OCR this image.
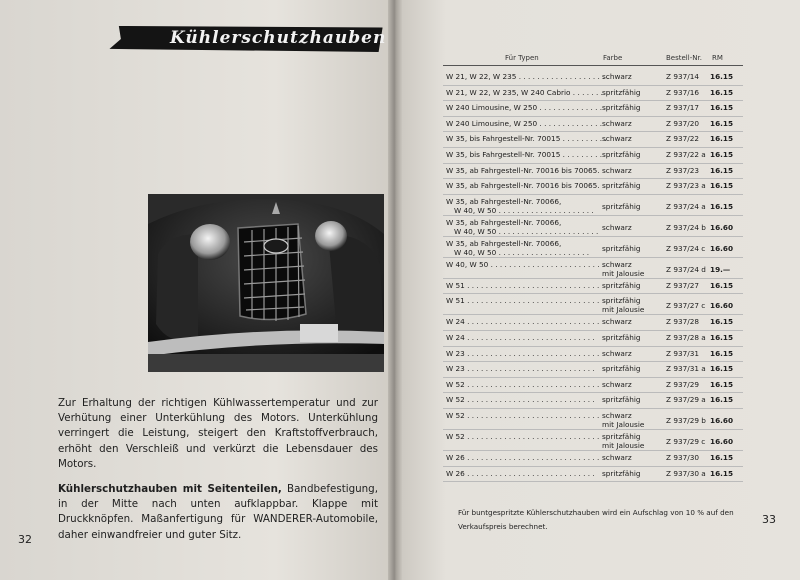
Kühlerschutzhauben

Zur Erhaltung der richtigen Kühlwassertemperatur und zur Verhütung einer Unterkühlung des Motors. Unterkühlung verringert die Leistung, steigert den Kraftstoffverbrauch, erhöht den Verschleiß und verkürzt die Lebensdauer des Motors.

Kühlerschutzhauben mit Seitenteilen, Bandbefestigung, in der Mitte nach unten aufklappbar. Klappe mit Druckknöpfen. Maßanfertigung für WANDERER-Automobile, daher einwandfreier und guter Sitz.

32
Für Typen	Farbe	Bestell-Nr. RM
W 21, W 22, W 235 . . . . . . . . . . . . . . . . . . . .
schwarz	Z 937/14 16.15
W 21, W 22, W 235, W 240 Cabrio . . . . . . . spritzfähig	Z 937/16 16.15
W 240 Limousine, W 250 . . . . . . . . . . . . . . spritzfähig	Z 937/17 16.15
W 240 Limousine, W 250 . . . . . . . . . . . . . . schwarz	Z 937/20 16.15
W 35, bis Fahrgestell-Nr. 70015 . . . . . . . . . .
schwarz	Z 937/22 16.15
W 35, bis Fahrgestell-Nr. 70015 . . . . . . . . . spritzfähig	Z 937/22 a 16.15
W 35, ab Fahrgestell-Nr. 70016 bis 70065. schwarz	Z 937/23 16.15
W 35, ab Fahrgestell-Nr. 70016 bis 70065. spritzfähig	Z 937/23 a 16.15
W 35, ab Fahrgestell-Nr. 70066,
W 40, W 50 . . . . . . . . . . . . . . . . . . . . . spritzfähig	Z 937/24 a 16.15
W 35, ab Fahrgestell-Nr. 70066,
W 40, W 50 . . . . . . . . . . . . . . . . . . . . . . schwarz	Z 937/24 b 16.60
W 35, ab Fahrgestell-Nr. 70066,
W 40, W 50 . . . . . . . . . . . . . . . . . . . . spritzfähig	Z 937/24 c 16.60
W 40, W 50 . . . . . . . . . . . . . . . . . . . . . . . . .
schwarz
mit Jalousie	Z 937/24 d 19.—
W 51 . . . . . . . . . . . . . . . . . . . . . . . . . . . . . spritzfähig	Z 937/27 16.15
W 51 . . . . . . . . . . . . . . . . . . . . . . . . . . . . . spritzfähig
mit Jalousie	Z 937/27 c 16.60
W 24 . . . . . . . . . . . . . . . . . . . . . . . . . . . . . schwarz	Z 937/28 16.15
W 24 . . . . . . . . . . . . . . . . . . . . . . . . . . . . spritzfähig	Z 937/28 a 16.15
W 23 . . . . . . . . . . . . . . . . . . . . . . . . . . . . . schwarz	Z 937/31 16.15
W 23 . . . . . . . . . . . . . . . . . . . . . . . . . . . . spritzfähig	Z 937/31 a 16.15
W 52 . . . . . . . . . . . . . . . . . . . . . . . . . . . . . schwarz	Z 937/29 16.15
W 52 . . . . . . . . . . . . . . . . . . . . . . . . . . . . spritzfähig	Z 937/29 a 16.15
W 52 . . . . . . . . . . . . . . . . . . . . . . . . . . . . . schwarz
mit Jalousie	Z 937/29 b 16.60
W 52 . . . . . . . . . . . . . . . . . . . . . . . . . . . . . spritzfähig
mit Jalousie	Z 937/29 c 16.60
W 26 . . . . . . . . . . . . . . . . . . . . . . . . . . . . . schwarz	Z 937/30 16.15
W 26 . . . . . . . . . . . . . . . . . . . . . . . . . . . . spritzfähig	Z 937/30 a 16.15
Für buntgespritzte Kühlerschutzhauben wird ein Aufschlag von 10 % auf den Verkaufspreis berechnet.
33
